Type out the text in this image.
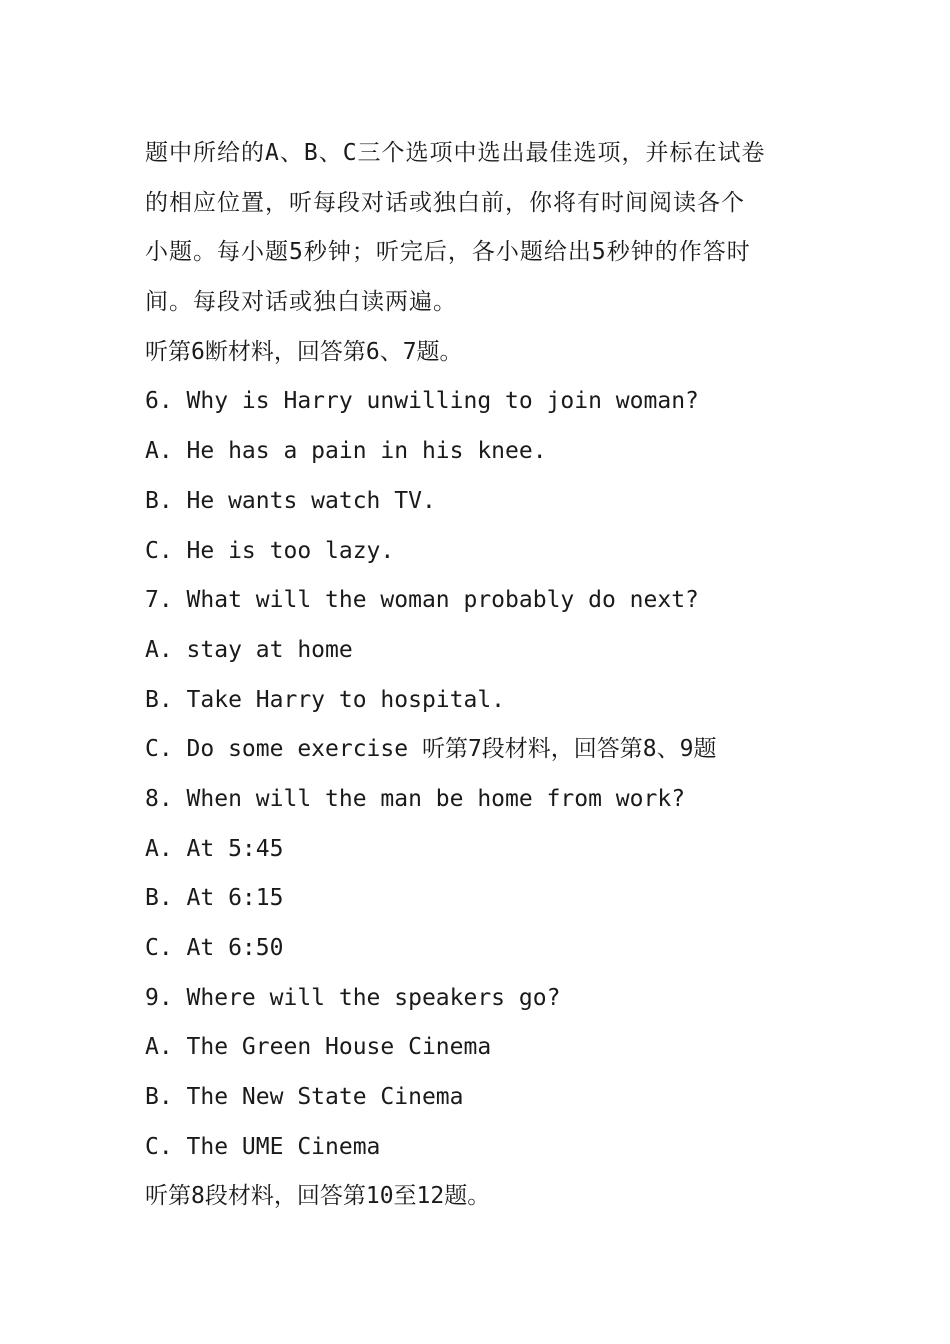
题中所给的A、B、C三个选项中选出最佳选项，并标在试卷

的相应位置，听每段对话或独白前，你将有时间阅读各个

小题。每小题5秒钟；听完后，各小题给出5秒钟的作答时

间。每段对话或独白读两遍。

听第6断材料，回答第6、7题。

6. Why is Harry unwilling to join woman?

A. He has a pain in his knee.

B. He wants watch TV.

C. He is too lazy.

7. What will the woman probably do next?

A. stay at home

B. Take Harry to hospital.

C. Do some exercise 听第7段材料，回答第8、9题

8. When will the man be home from work?

A. At 5:45

B. At 6:15

C. At 6:50

9. Where will the speakers go?

A. The Green House Cinema

B. The New State Cinema

C. The UME Cinema

听第8段材料，回答第10至12题。
